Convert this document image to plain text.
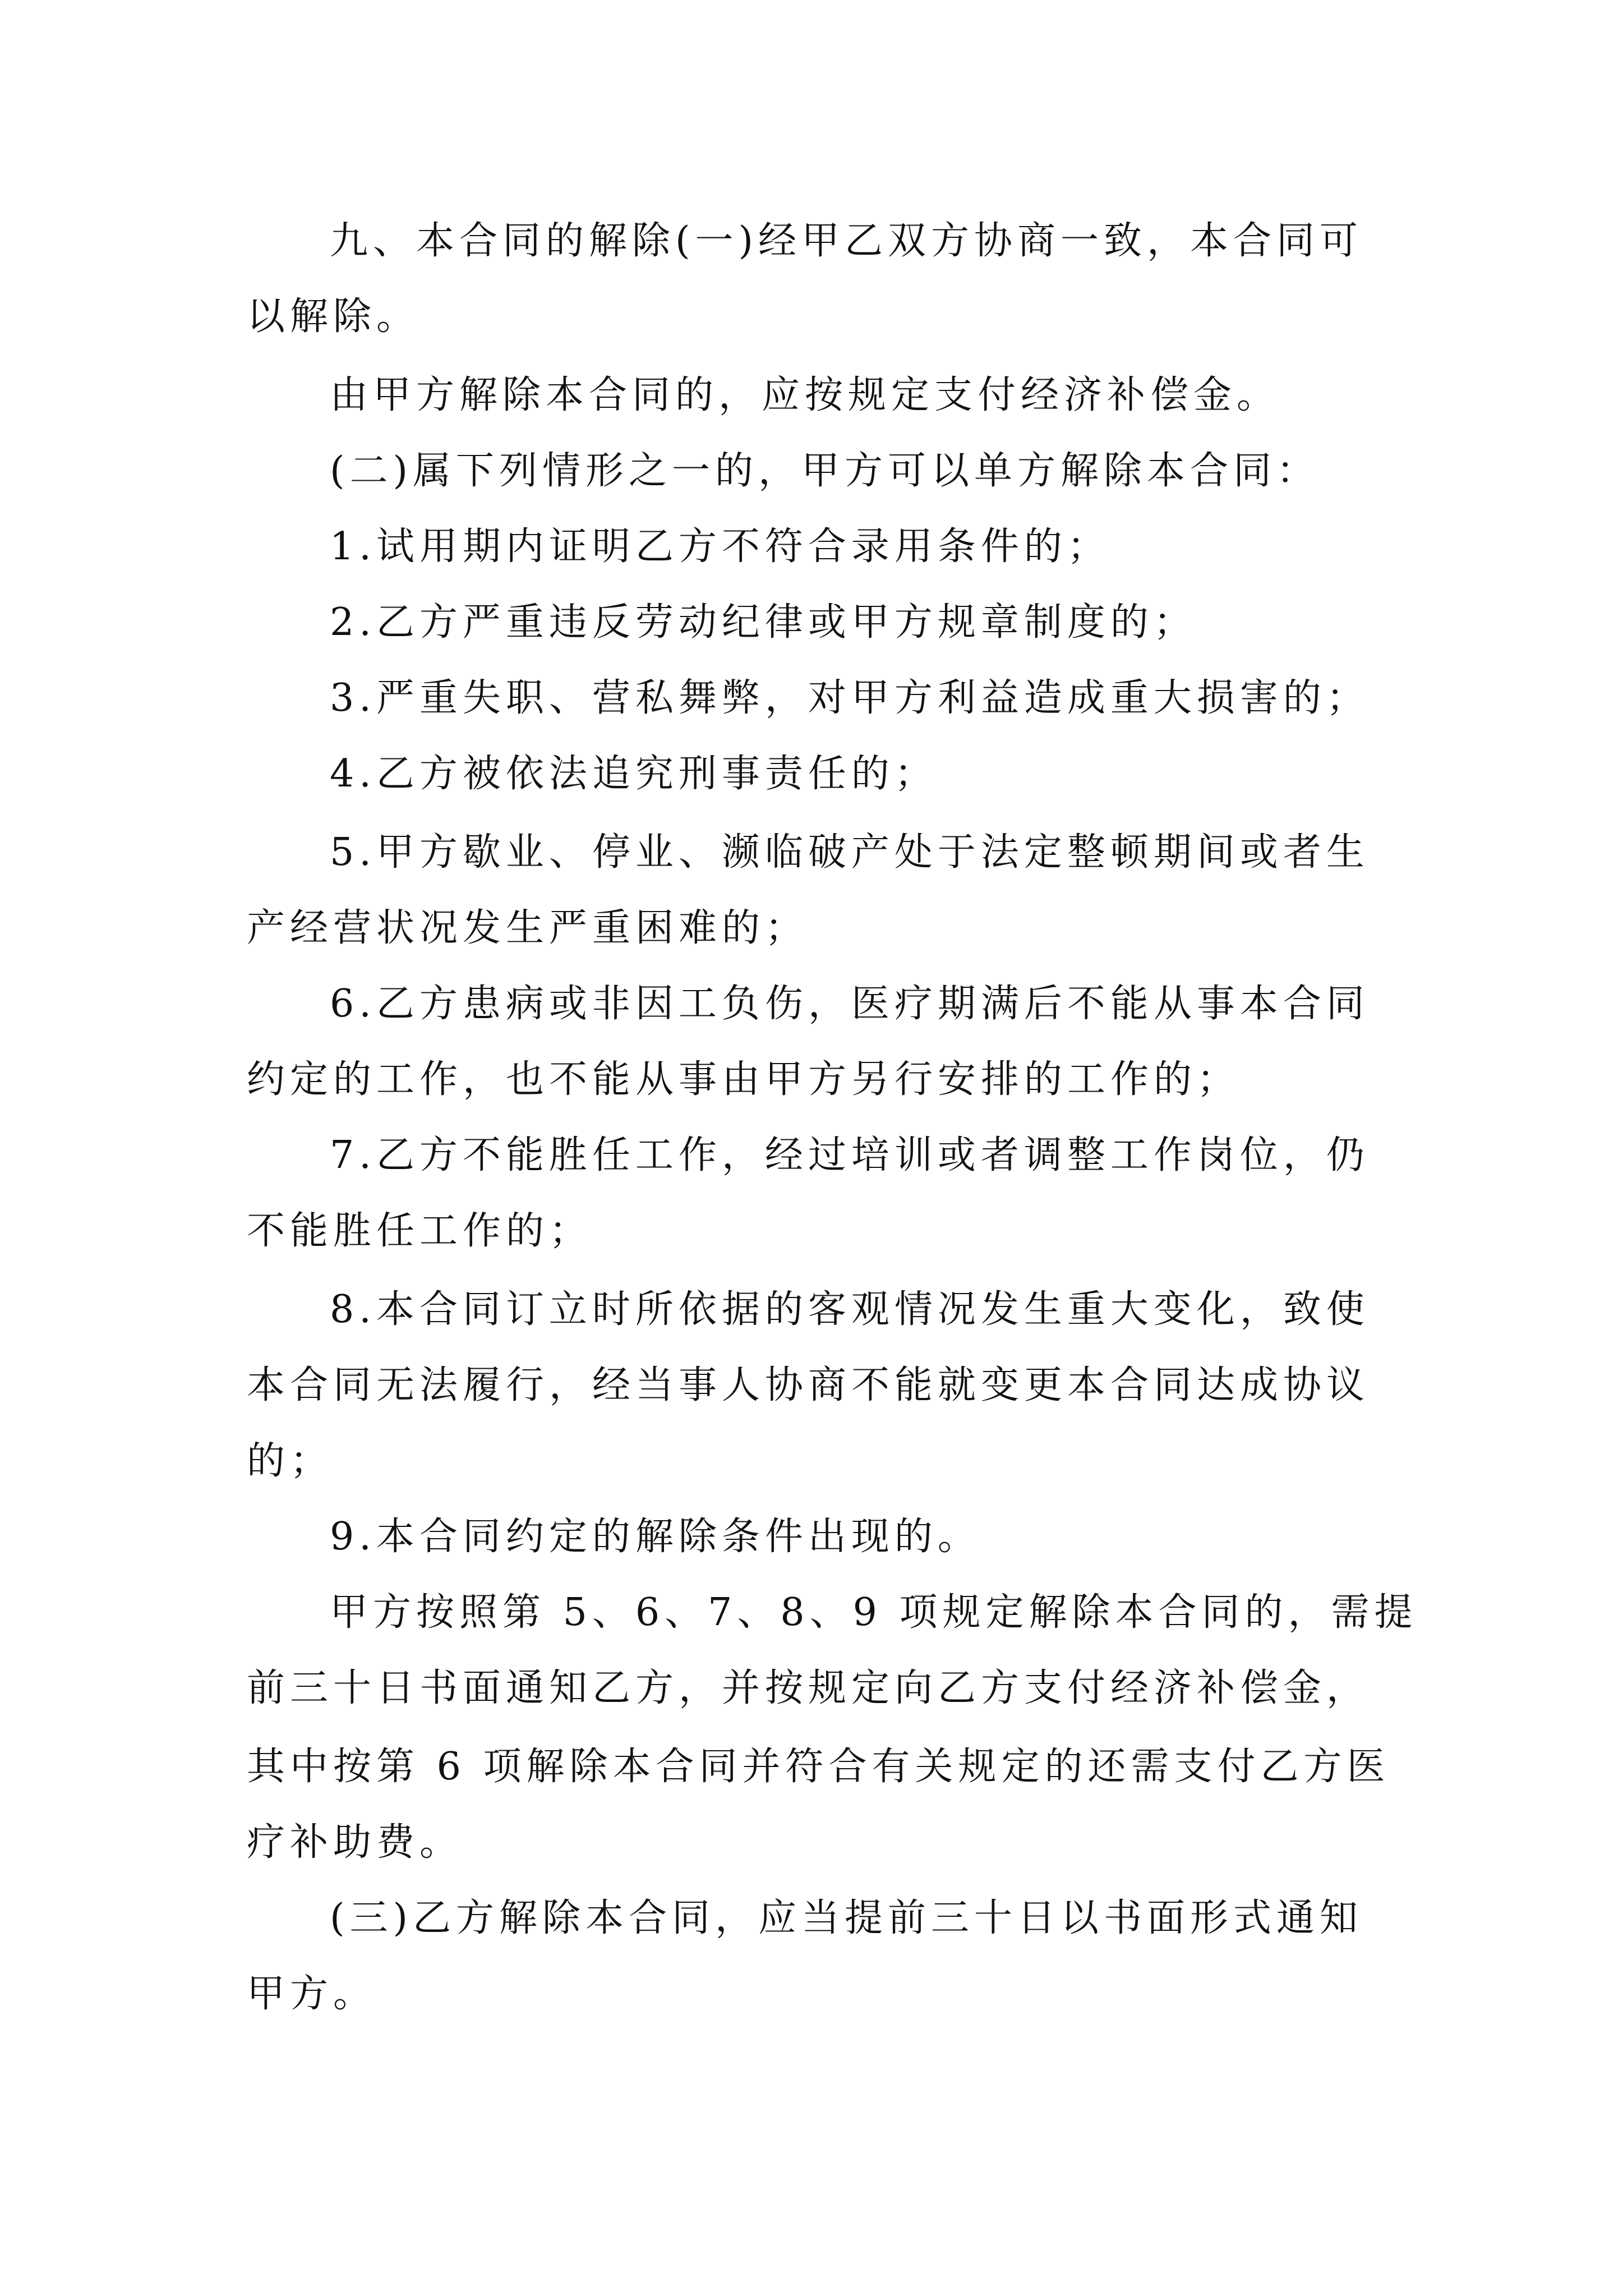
九、本合同的解除(一)经甲乙双方协商一致，本合同可
以解除。
由甲方解除本合同的，应按规定支付经济补偿金。
(二)属下列情形之一的，甲方可以单方解除本合同：
1.试用期内证明乙方不符合录用条件的；
2.乙方严重违反劳动纪律或甲方规章制度的；
3.严重失职、营私舞弊，对甲方利益造成重大损害的；
4.乙方被依法追究刑事责任的；
5.甲方歇业、停业、濒临破产处于法定整顿期间或者生
产经营状况发生严重困难的；
6.乙方患病或非因工负伤，医疗期满后不能从事本合同
约定的工作，也不能从事由甲方另行安排的工作的；
7.乙方不能胜任工作，经过培训或者调整工作岗位，仍
不能胜任工作的；
8.本合同订立时所依据的客观情况发生重大变化，致使
本合同无法履行，经当事人协商不能就变更本合同达成协议
的；
9.本合同约定的解除条件出现的。
甲方按照第 5、6、7、8、9 项规定解除本合同的，需提
前三十日书面通知乙方，并按规定向乙方支付经济补偿金，
其中按第 6 项解除本合同并符合有关规定的还需支付乙方医
疗补助费。
(三)乙方解除本合同，应当提前三十日以书面形式通知
甲方。
